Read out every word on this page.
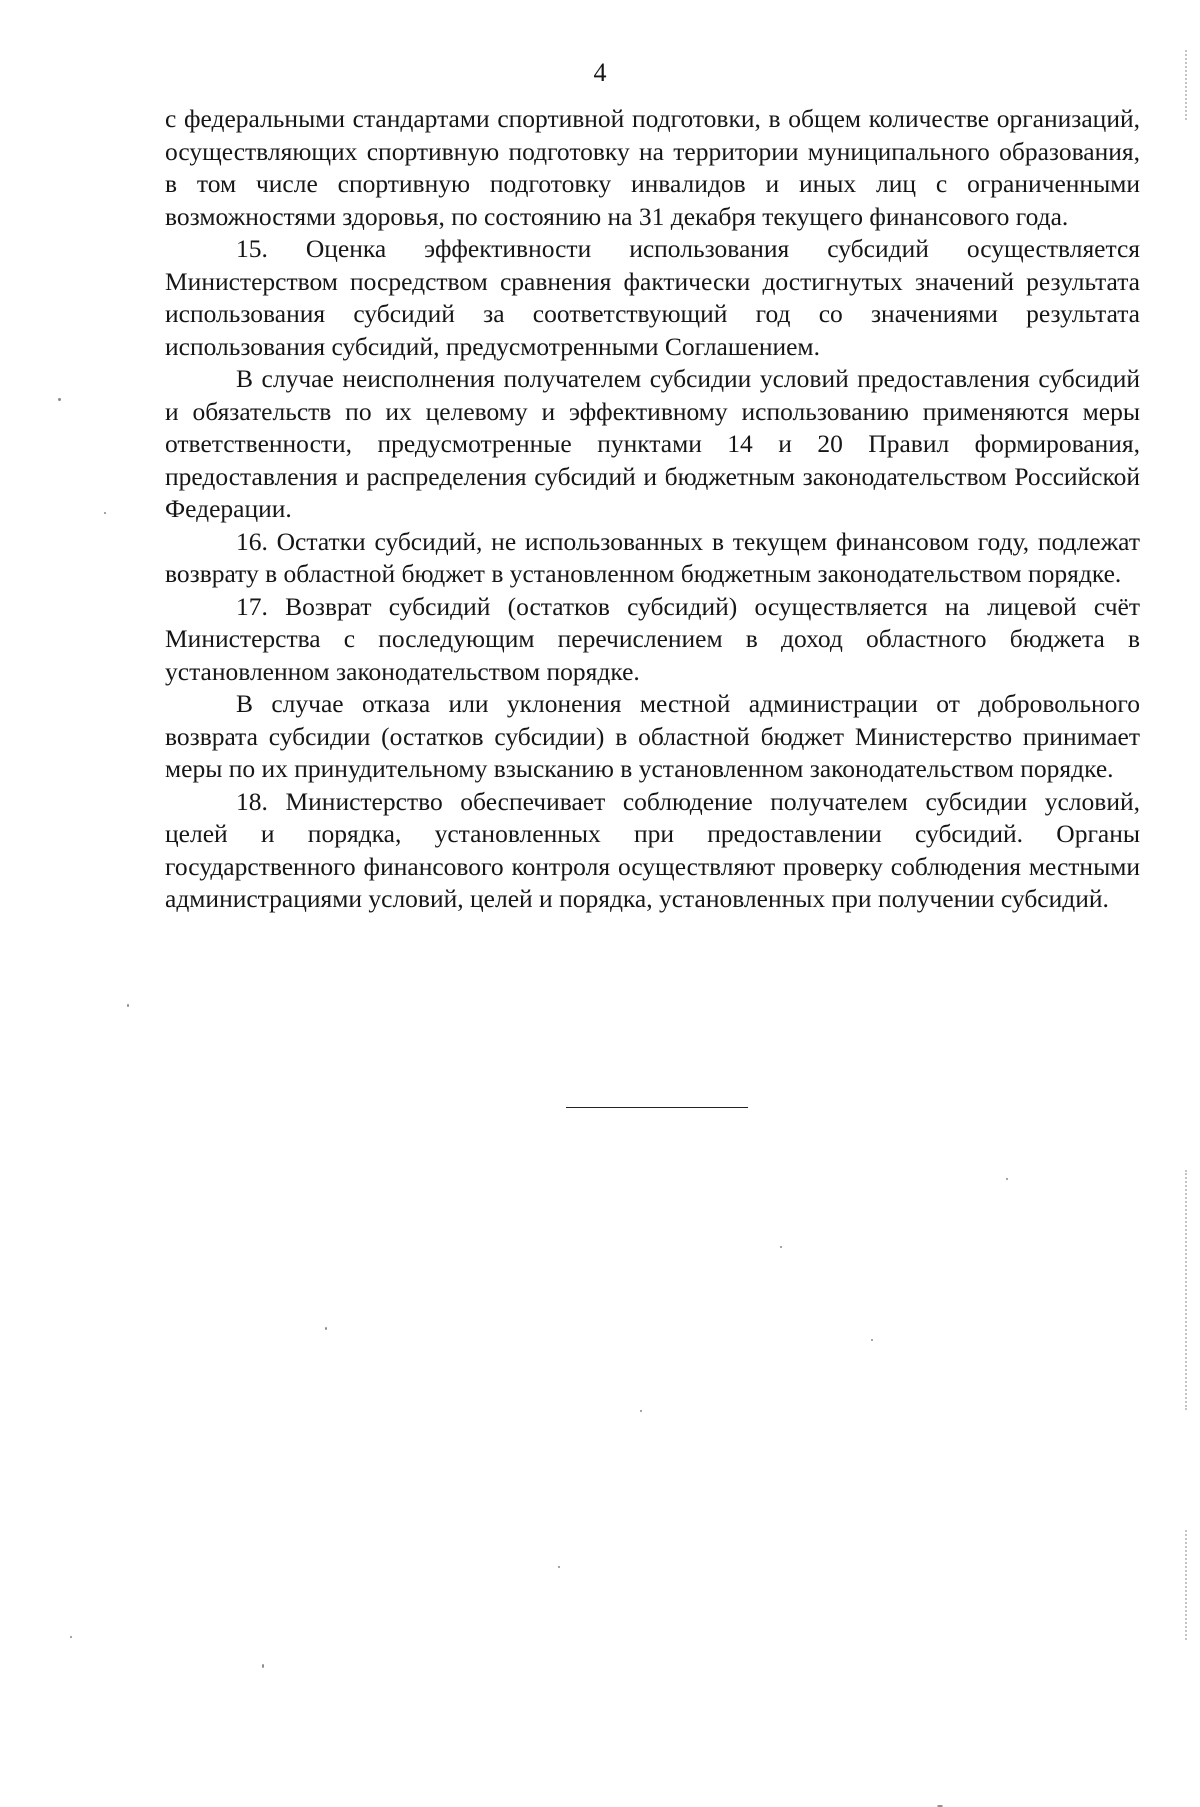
4

с федеральными стандартами спортивной подготовки, в общем количестве организаций, осуществляющих спортивную подготовку на территории муниципального образования, в том числе спортивную подготовку инвалидов и иных лиц с ограниченными возможностями здоровья, по состоянию на 31 декабря текущего финансового года.

15. Оценка эффективности использования субсидий осуществляется Министерством посредством сравнения фактически достигнутых значений результата использования субсидий за соответствующий год со значениями результата использования субсидий, предусмотренными Соглашением.

В случае неисполнения получателем субсидии условий предоставления субсидий и обязательств по их целевому и эффективному использованию применяются меры ответственности, предусмотренные пунктами 14 и 20 Правил формирования, предоставления и распределения субсидий и бюджетным законодательством Российской Федерации.

16. Остатки субсидий, не использованных в текущем финансовом году, подлежат возврату в областной бюджет в установленном бюджетным законодательством порядке.

17. Возврат субсидий (остатков субсидий) осуществляется на лицевой счёт Министерства с последующим перечислением в доход областного бюджета в установленном законодательством порядке.

В случае отказа или уклонения местной администрации от добровольного возврата субсидии (остатков субсидии) в областной бюджет Министерство принимает меры по их принудительному взысканию в установленном законодательством порядке.

18. Министерство обеспечивает соблюдение получателем субсидии условий, целей и порядка, установленных при предоставлении субсидий. Органы государственного финансового контроля осуществляют проверку соблюдения местными администрациями условий, целей и порядка, установленных при получении субсидий.
